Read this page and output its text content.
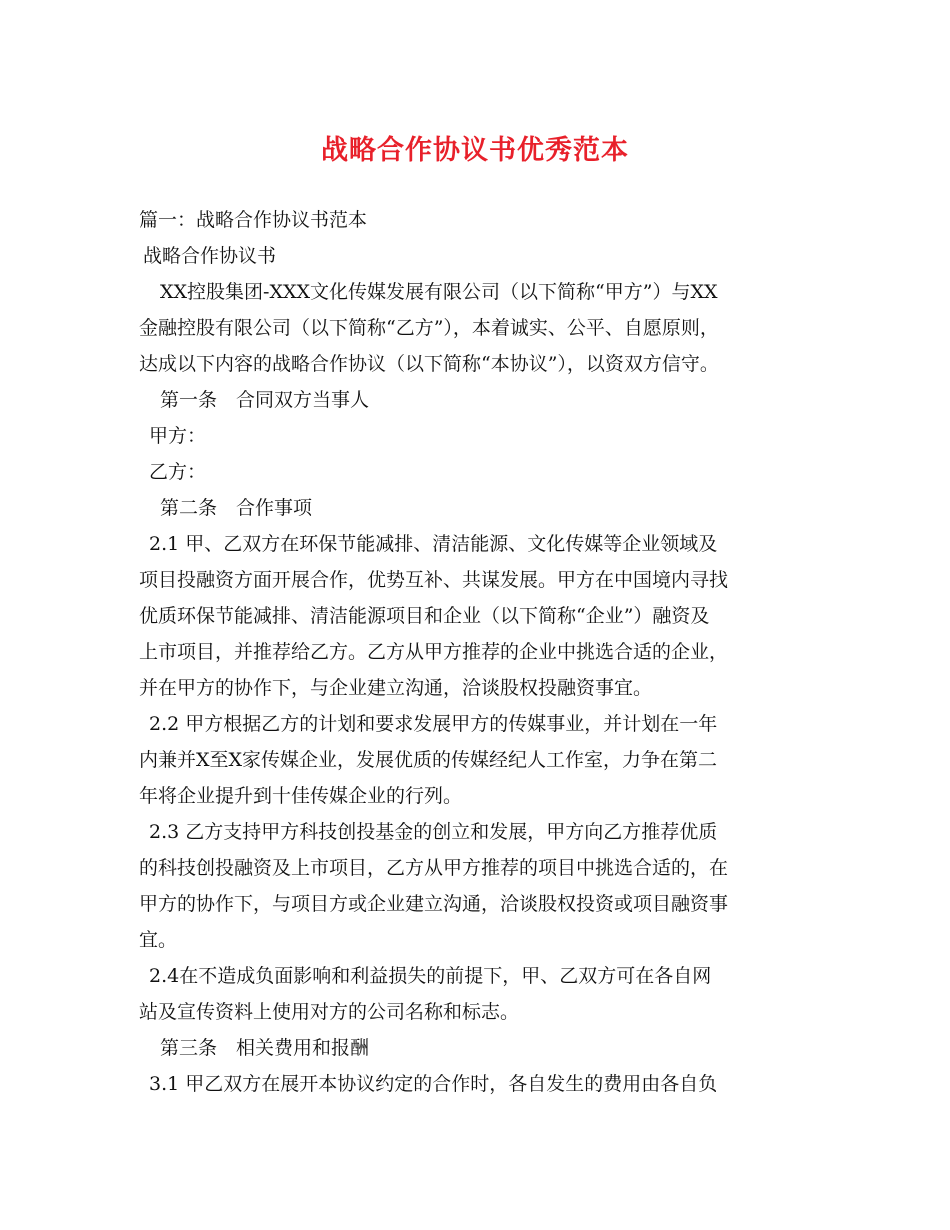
战略合作协议书优秀范本
篇一：战略合作协议书范本
战略合作协议书
XX控股集团-XXX文化传媒发展有限公司（以下简称“甲方”）与XX
金融控股有限公司（以下简称“乙方”），本着诚实、公平、自愿原则，
达成以下内容的战略合作协议（以下简称“本协议”），以资双方信守。
第一条　合同双方当事人
甲方：
乙方：
第二条　合作事项
2.1 甲、乙双方在环保节能减排、清洁能源、文化传媒等企业领域及
项目投融资方面开展合作，优势互补、共谋发展。甲方在中国境内寻找
优质环保节能减排、清洁能源项目和企业（以下简称“企业”）融资及
上市项目，并推荐给乙方。乙方从甲方推荐的企业中挑选合适的企业，
并在甲方的协作下，与企业建立沟通，洽谈股权投融资事宜。
2.2 甲方根据乙方的计划和要求发展甲方的传媒事业，并计划在一年
内兼并X至X家传媒企业，发展优质的传媒经纪人工作室，力争在第二
年将企业提升到十佳传媒企业的行列。
2.3 乙方支持甲方科技创投基金的创立和发展，甲方向乙方推荐优质
的科技创投融资及上市项目，乙方从甲方推荐的项目中挑选合适的，在
甲方的协作下，与项目方或企业建立沟通，洽谈股权投资或项目融资事
宜。
2.4在不造成负面影响和利益损失的前提下，甲、乙双方可在各自网
站及宣传资料上使用对方的公司名称和标志。
第三条　相关费用和报酬
3.1 甲乙双方在展开本协议约定的合作时，各自发生的费用由各自负
